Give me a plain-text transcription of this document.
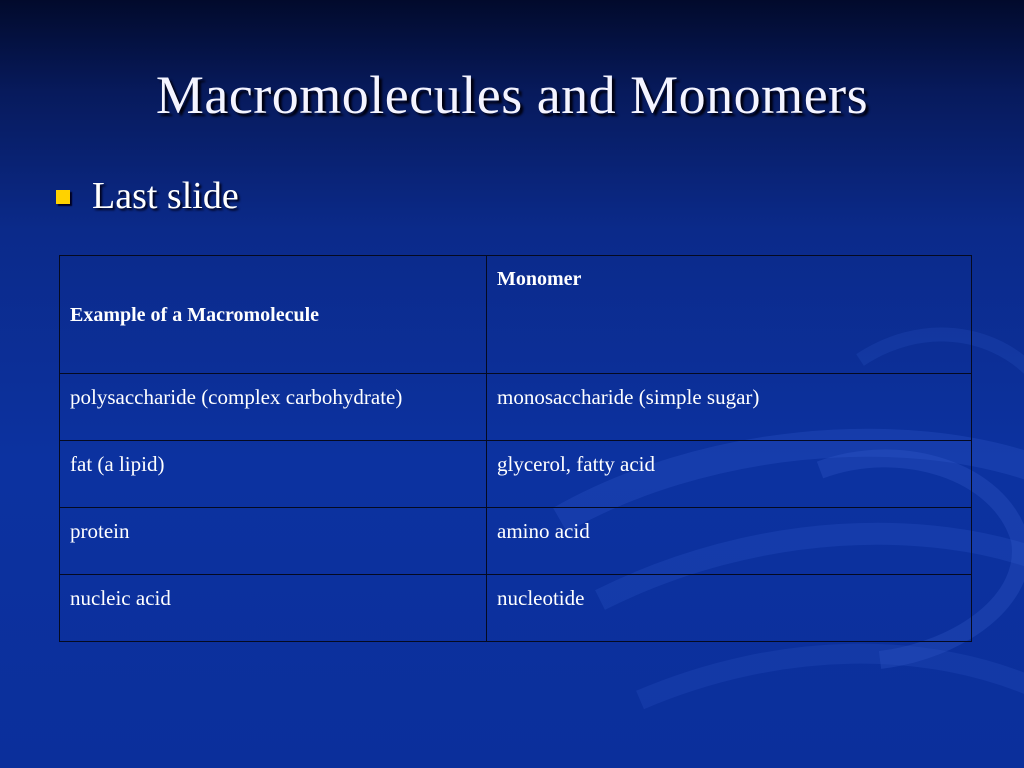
Macromolecules and Monomers
Last slide
Example of a Macromolecule	Monomer
polysaccharide (complex carbohydrate)	monosaccharide (simple sugar)
fat (a lipid)	glycerol, fatty acid
protein	amino acid
nucleic acid	nucleotide
